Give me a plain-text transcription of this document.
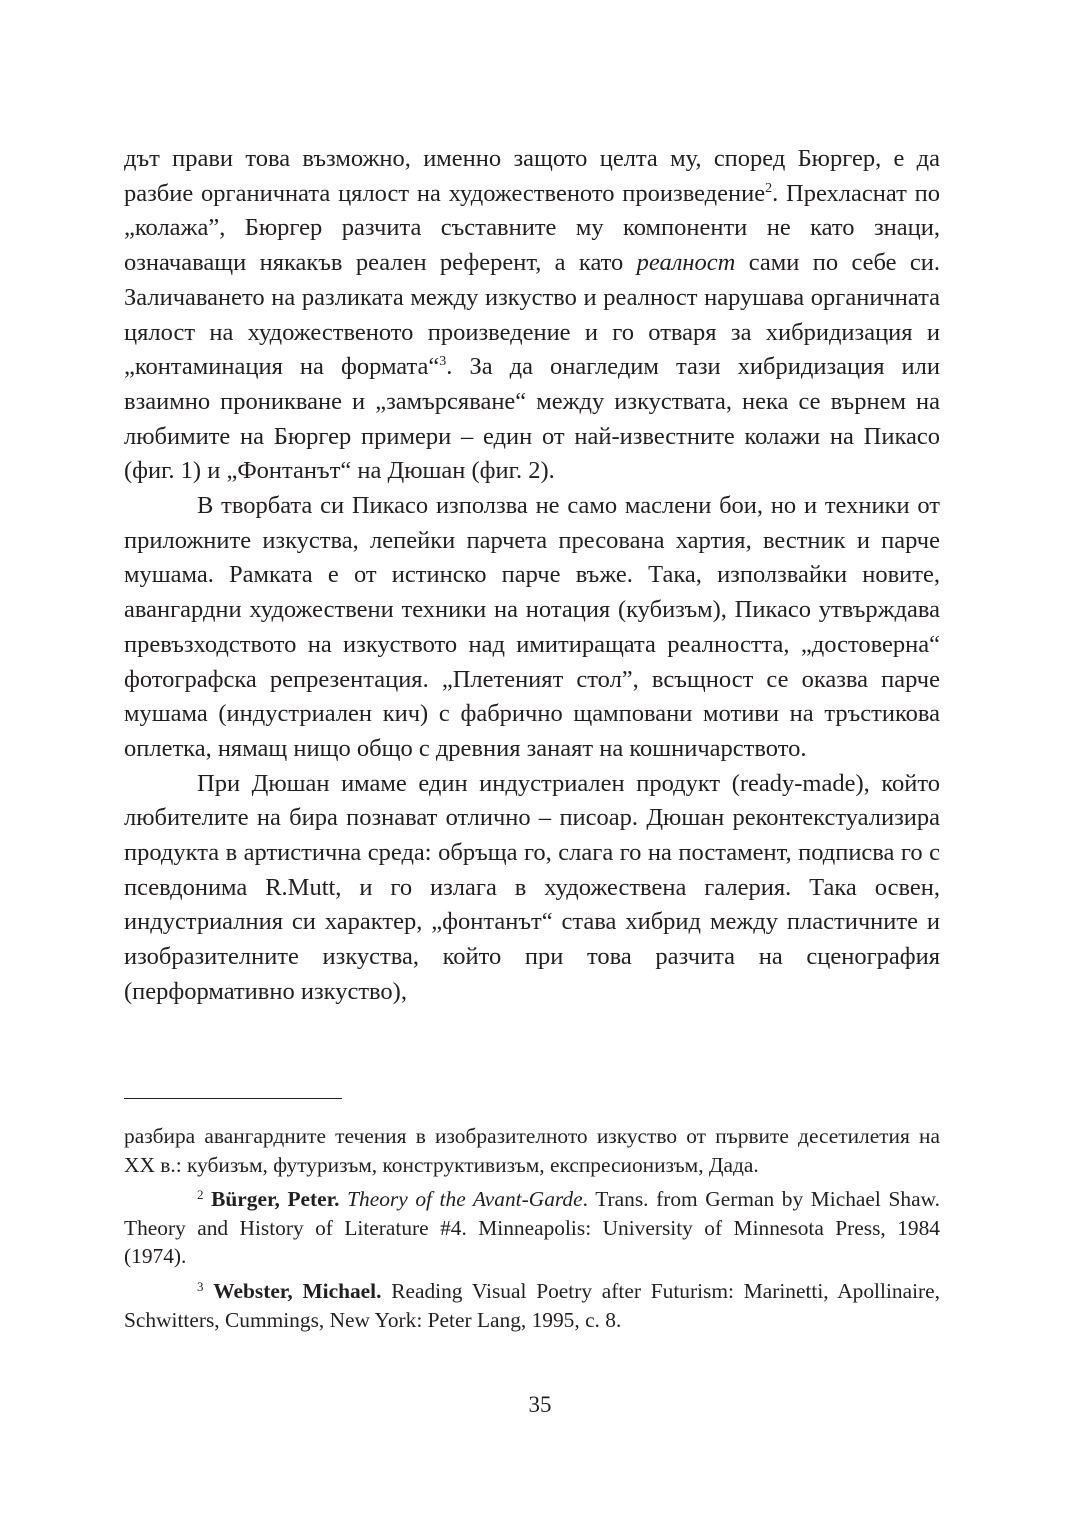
дът прави това възможно, именно защото целта му, според Бюргер, е да разбие органичната цялост на художественото произведение$^2$. Прехласнат по „колажа”, Бюргер разчита съставните му компоненти не като знаци, означаващи някакъв реален референт, а като реалност сами по себе си. Заличаването на разликата между изкуство и реалност нарушава органичната цялост на художественото произведение и го отваря за хибридизация и „контаминация на формата“$^3$. За да онагледим тази хибридизация или взаимно проникване и „замърсяване“ между изкуствата, нека се върнем на любимите на Бюргер примери – един от най-известните колажи на Пикасо (фиг. 1) и „Фонтанът“ на Дюшан (фиг. 2).

В творбата си Пикасо използва не само маслени бои, но и техники от приложните изкуства, лепейки парчета пресована хартия, вестник и парче мушама. Рамката е от истинско парче въже. Така, използвайки новите, авангардни художествени техники на нотация (кубизъм), Пикасо утвърждава превъзходството на изкуството над имитиращата реалността, „достоверна“ фотографска репрезентация. „Плетеният стол”, всъщност се оказва парче мушама (индустриален кич) с фабрично щамповани мотиви на тръстикова оплетка, нямащ нищо общо с древния занаят на кошничарството.

При Дюшан имаме един индустриален продукт (ready-made), който любителите на бира познават отлично – писоар. Дюшан реконтекстуализира продукта в артистична среда: обръща го, слага го на постамент, подписва го с псевдонима R.Mutt, и го излага в художествена галерия. Така освен, индустриалния си характер, „фонтанът“ става хибрид между пластичните и изобразителните изкуства, който при това разчита на сценография (перформативно изкуство),

разбира авангардните течения в изобразителното изкуство от първите десетилетия на XX в.: кубизъм, футуризъм, конструктивизъм, експресионизъм, Дада.

$^2$ Bürger, Peter. Theory of the Avant-Garde. Trans. from German by Michael Shaw. Theory and History of Literature #4. Minneapolis: University of Minnesota Press, 1984 (1974).

$^3$ Webster, Michael. Reading Visual Poetry after Futurism: Marinetti, Apollinaire, Schwitters, Cummings, New York: Peter Lang, 1995, с. 8.

35
